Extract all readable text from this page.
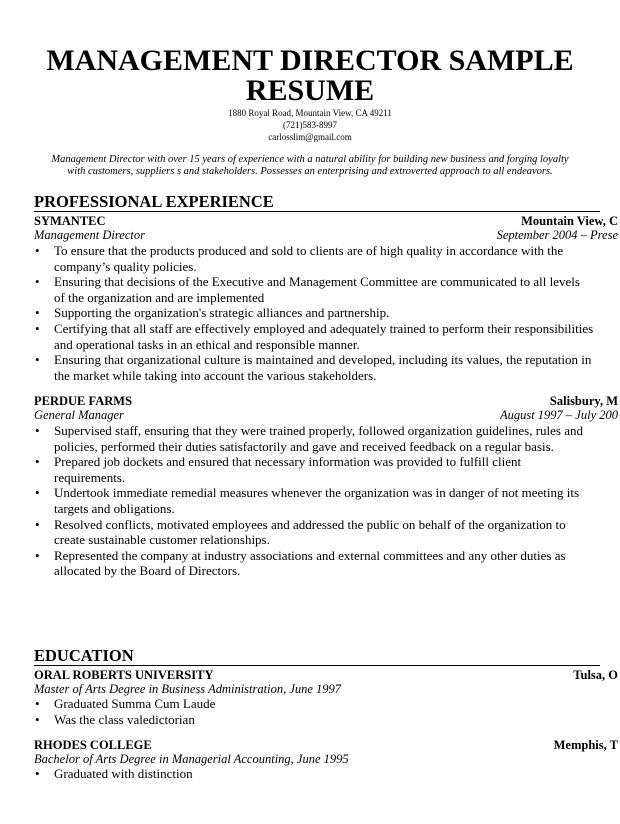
MANAGEMENT DIRECTOR SAMPLE
RESUME
1880 Royal Road, Mountain View, CA 49211
(721)583-8997
carlosslim@gmail.com
Management Director with over 15 years of experience with a natural ability for building new business and forging loyalty
with customers, suppliers s and stakeholders. Possesses an enterprising and extroverted approach to all endeavors.
PROFESSIONAL EXPERIENCE
SYMANTEC	Mountain View, C
Management Director	September 2004 – Prese
• To ensure that the products produced and sold to clients are of high quality in accordance with the company’s quality policies.
• Ensuring that decisions of the Executive and Management Committee are communicated to all levels of the organization and are implemented
• Supporting the organization's strategic alliances and partnership.
• Certifying that all staff are effectively employed and adequately trained to perform their responsibilities and operational tasks in an ethical and responsible manner.
• Ensuring that organizational culture is maintained and developed, including its values, the reputation in the market while taking into account the various stakeholders.
PERDUE FARMS	Salisbury, M
General Manager	August 1997 – July 200
• Supervised staff, ensuring that they were trained properly, followed organization guidelines, rules and policies, performed their duties satisfactorily and gave and received feedback on a regular basis.
• Prepared job dockets and ensured that necessary information was provided to fulfill client requirements.
• Undertook immediate remedial measures whenever the organization was in danger of not meeting its targets and obligations.
• Resolved conflicts, motivated employees and addressed the public on behalf of the organization to create sustainable customer relationships.
• Represented the company at industry associations and external committees and any other duties as allocated by the Board of Directors.
EDUCATION
ORAL ROBERTS UNIVERSITY	Tulsa, O
Master of Arts Degree in Business Administration, June 1997
• Graduated Summa Cum Laude
• Was the class valedictorian
RHODES COLLEGE	Memphis, T
Bachelor of Arts Degree in Managerial Accounting, June 1995
• Graduated with distinction
